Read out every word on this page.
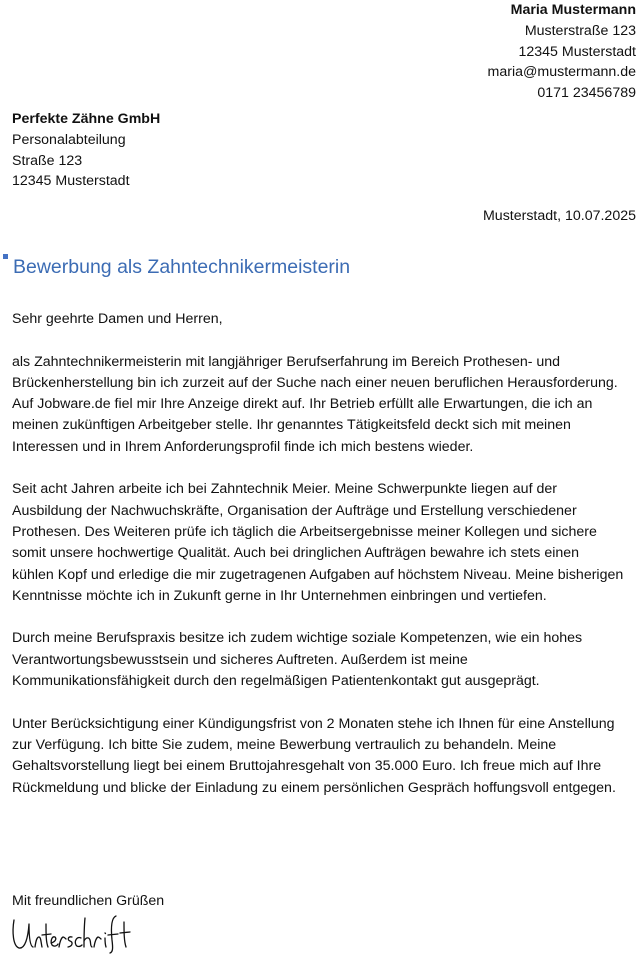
Maria Mustermann
Musterstraße 123
12345 Musterstadt
maria@mustermann.de
0171 23456789
Perfekte Zähne GmbH
Personalabteilung
Straße 123
12345 Musterstadt
Musterstadt, 10.07.2025
Bewerbung als Zahntechnikermeisterin

Sehr geehrte Damen und Herren,

als Zahntechnikermeisterin mit langjähriger Berufserfahrung im Bereich Prothesen- und Brückenherstellung bin ich zurzeit auf der Suche nach einer neuen beruflichen Herausforderung. Auf Jobware.de fiel mir Ihre Anzeige direkt auf. Ihr Betrieb erfüllt alle Erwartungen, die ich an meinen zukünftigen Arbeitgeber stelle. Ihr genanntes Tätigkeitsfeld deckt sich mit meinen Interessen und in Ihrem Anforderungsprofil finde ich mich bestens wieder.

Seit acht Jahren arbeite ich bei Zahntechnik Meier. Meine Schwerpunkte liegen auf der Ausbildung der Nachwuchskräfte, Organisation der Aufträge und Erstellung verschiedener Prothesen. Des Weiteren prüfe ich täglich die Arbeitsergebnisse meiner Kollegen und sichere somit unsere hochwertige Qualität. Auch bei dringlichen Aufträgen bewahre ich stets einen kühlen Kopf und erledige die mir zugetragenen Aufgaben auf höchstem Niveau. Meine bisherigen Kenntnisse möchte ich in Zukunft gerne in Ihr Unternehmen einbringen und vertiefen.

Durch meine Berufspraxis besitze ich zudem wichtige soziale Kompetenzen, wie ein hohes Verantwortungsbewusstsein und sicheres Auftreten. Außerdem ist meine Kommunikationsfähigkeit durch den regelmäßigen Patientenkontakt gut ausgeprägt.

Unter Berücksichtigung einer Kündigungsfrist von 2 Monaten stehe ich Ihnen für eine Anstellung zur Verfügung. Ich bitte Sie zudem, meine Bewerbung vertraulich zu behandeln. Meine Gehaltsvorstellung liegt bei einem Bruttojahresgehalt von 35.000 Euro. Ich freue mich auf Ihre Rückmeldung und blicke der Einladung zu einem persönlichen Gespräch hoffungsvoll entgegen.

Mit freundlichen Grüßen
